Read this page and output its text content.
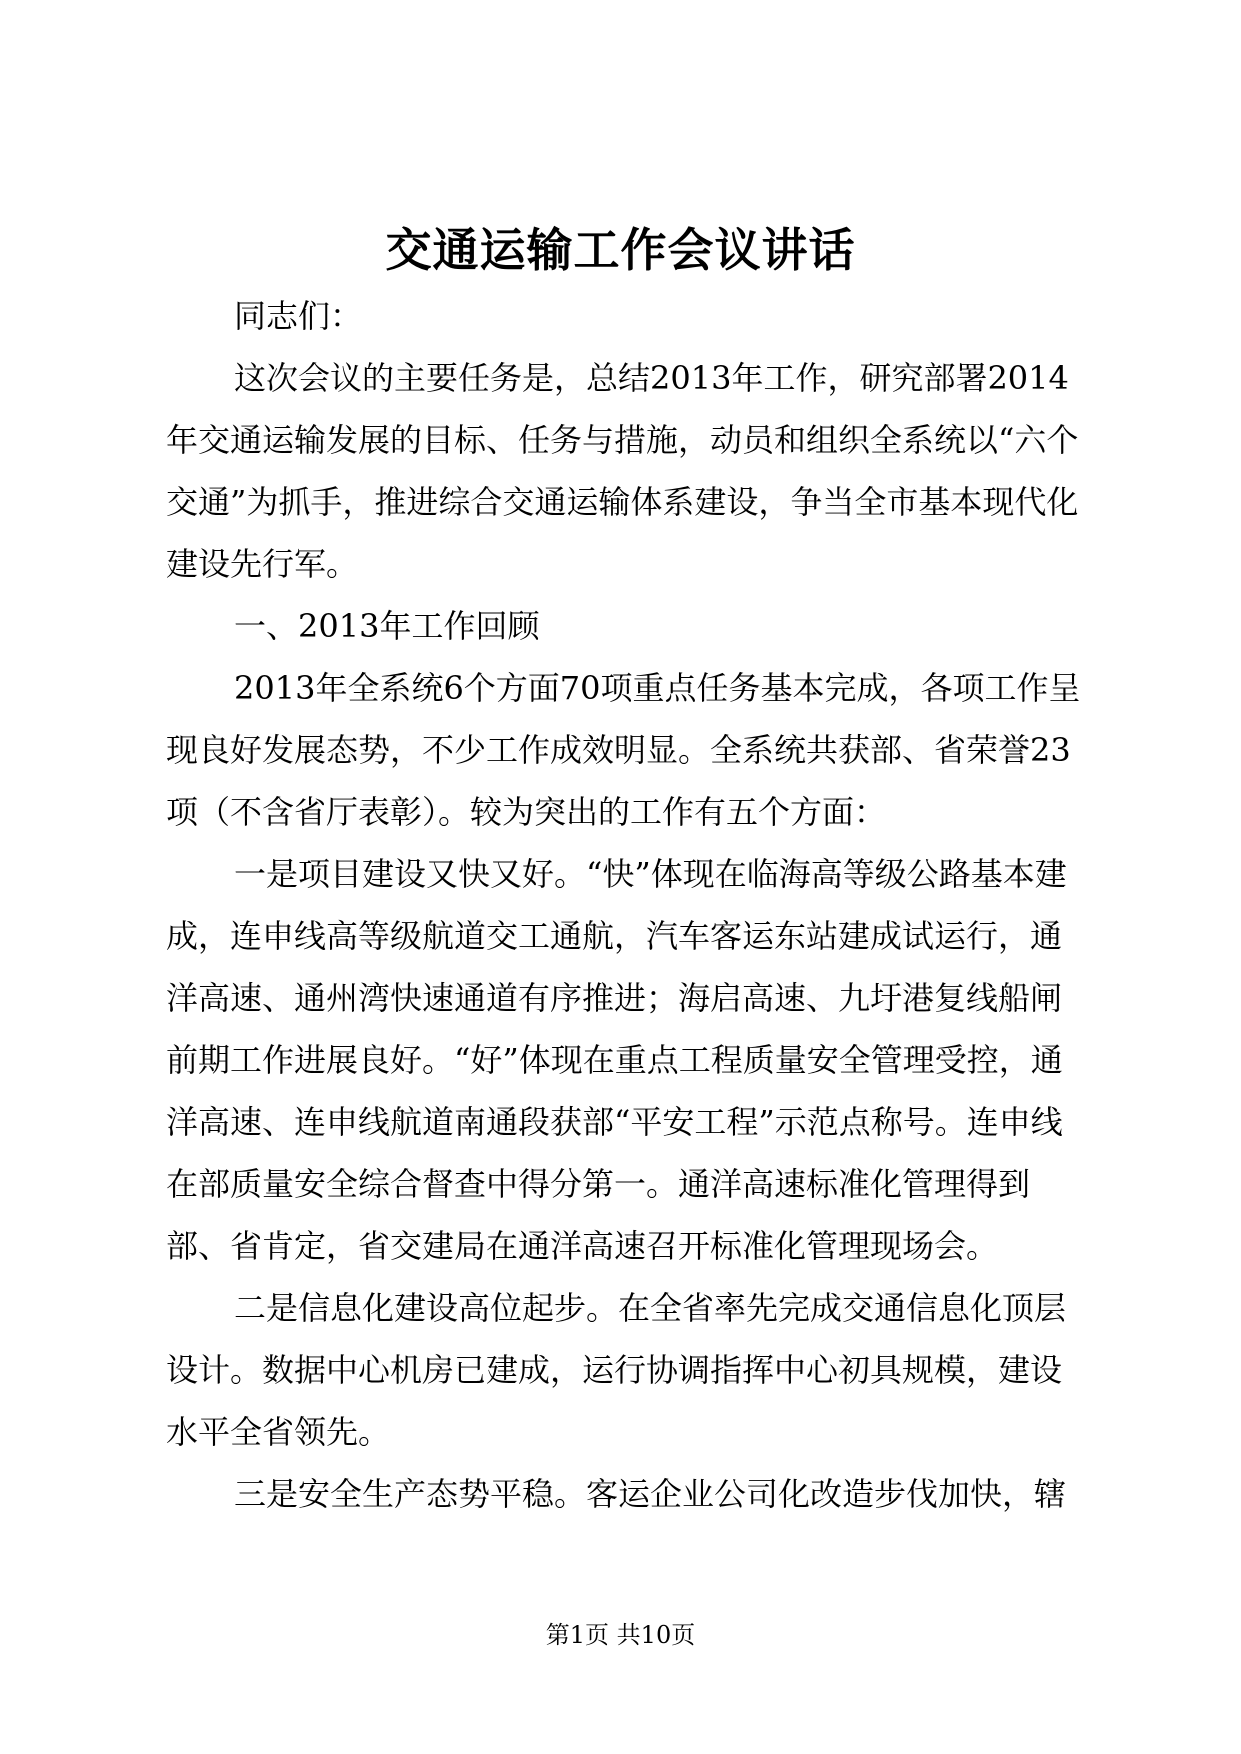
交通运输工作会议讲话

同志们：

这次会议的主要任务是，总结2013年工作，研究部署2014年交通运输发展的目标、任务与措施，动员和组织全系统以“六个交通”为抓手，推进综合交通运输体系建设，争当全市基本现代化建设先行军。

一、2013年工作回顾

2013年全系统6个方面70项重点任务基本完成，各项工作呈现良好发展态势，不少工作成效明显。全系统共获部、省荣誉23项（不含省厅表彰）。较为突出的工作有五个方面：

一是项目建设又快又好。“快”体现在临海高等级公路基本建成，连申线高等级航道交工通航，汽车客运东站建成试运行，通洋高速、通州湾快速通道有序推进；海启高速、九圩港复线船闸前期工作进展良好。“好”体现在重点工程质量安全管理受控，通洋高速、连申线航道南通段获部“平安工程”示范点称号。连申线在部质量安全综合督查中得分第一。通洋高速标准化管理得到部、省肯定，省交建局在通洋高速召开标准化管理现场会。

二是信息化建设高位起步。在全省率先完成交通信息化顶层设计。数据中心机房已建成，运行协调指挥中心初具规模，建设水平全省领先。

三是安全生产态势平稳。客运企业公司化改造步伐加快，辖

第1页 共10页
